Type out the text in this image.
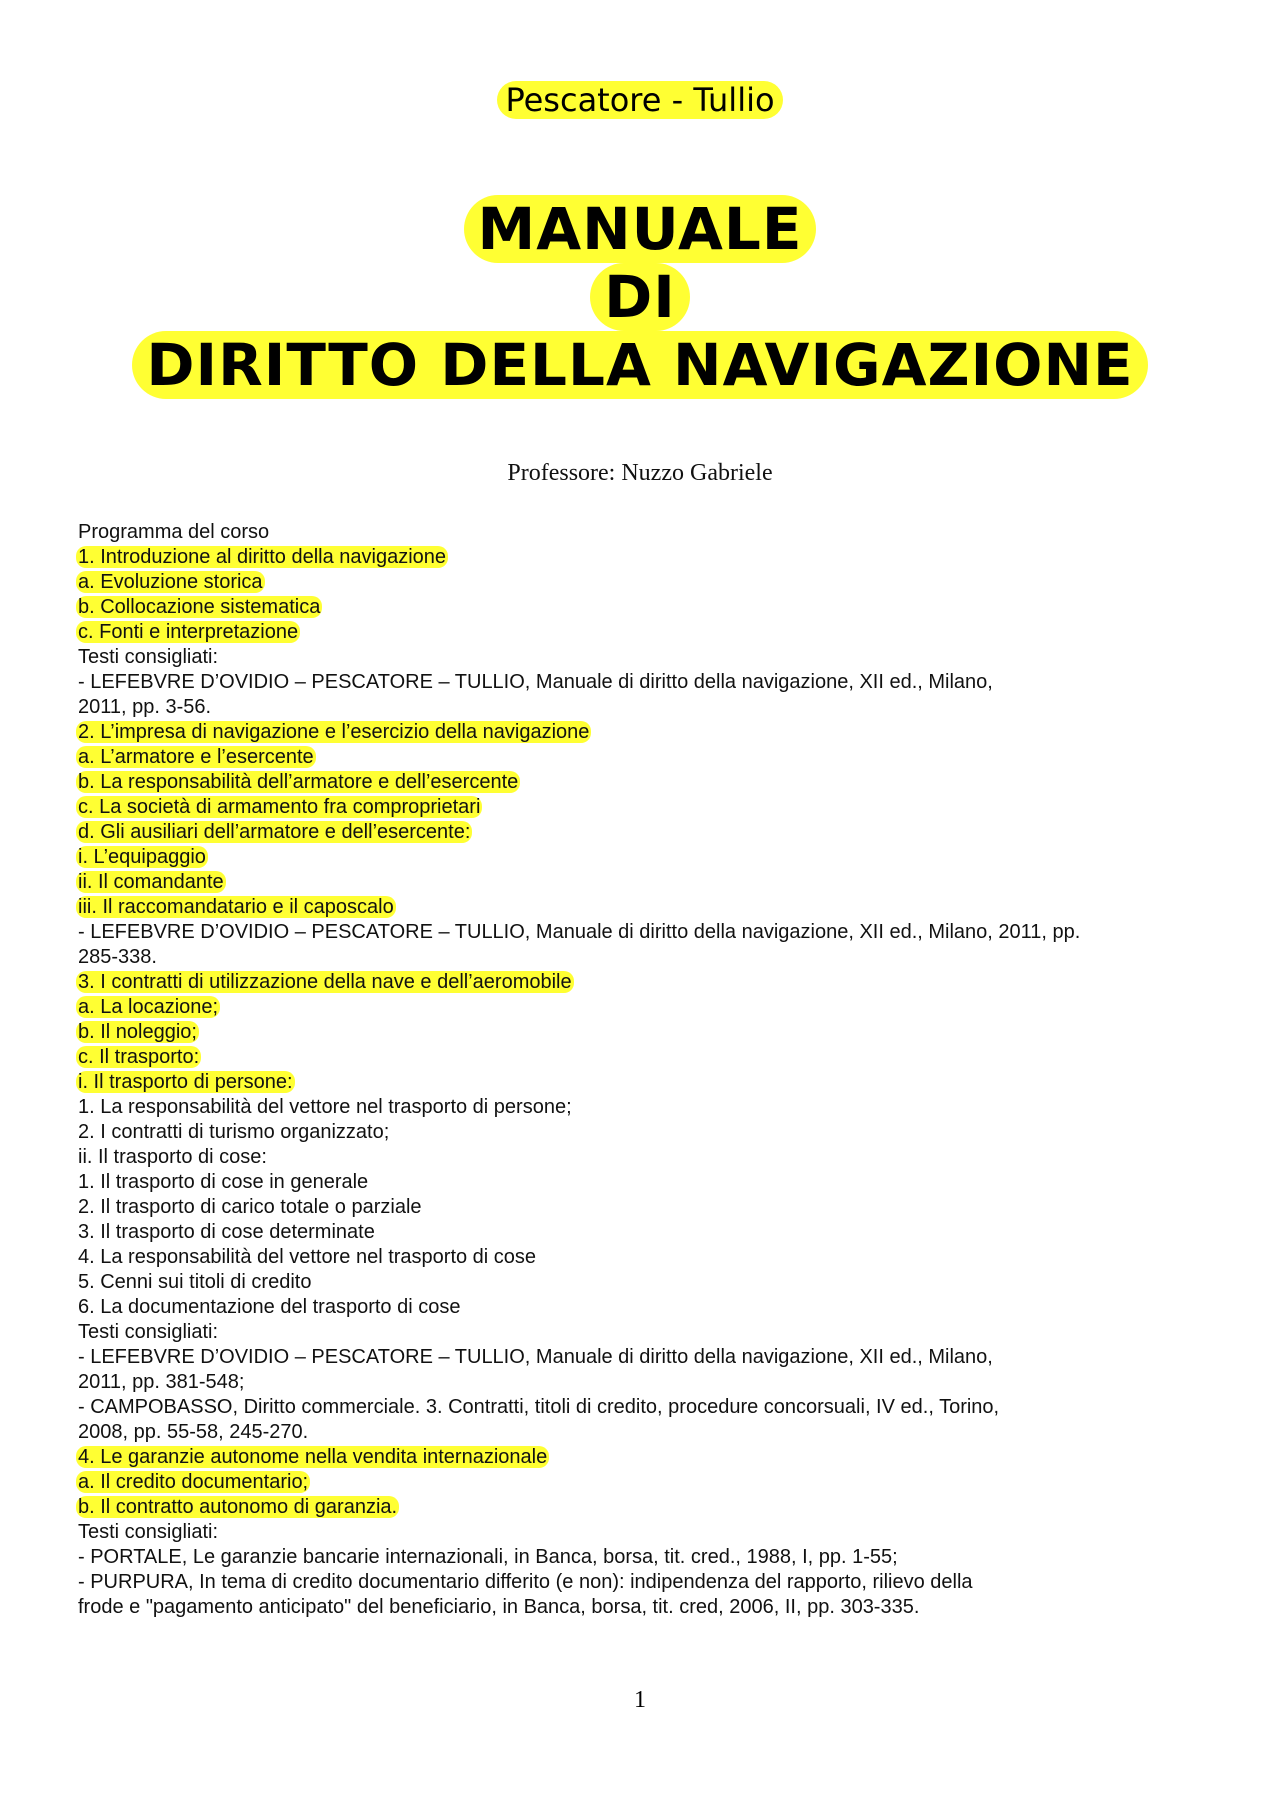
Pescatore - Tullio
MANUALE
DI
DIRITTO DELLA NAVIGAZIONE
Professore: Nuzzo Gabriele
Programma del corso
1. Introduzione al diritto della navigazione
a. Evoluzione storica
b. Collocazione sistematica
c. Fonti e interpretazione
Testi consigliati:
- LEFEBVRE D’OVIDIO – PESCATORE – TULLIO, Manuale di diritto della navigazione, XII ed., Milano,
2011, pp. 3-56.
2. L’impresa di navigazione e l’esercizio della navigazione
a. L’armatore e l’esercente
b. La responsabilità dell’armatore e dell’esercente
c. La società di armamento fra comproprietari
d. Gli ausiliari dell’armatore e dell’esercente:
i. L’equipaggio
ii. Il comandante
iii. Il raccomandatario e il caposcalo
- LEFEBVRE D’OVIDIO – PESCATORE – TULLIO, Manuale di diritto della navigazione, XII ed., Milano, 2011, pp.
285-338.
3. I contratti di utilizzazione della nave e dell’aeromobile
a. La locazione;
b. Il noleggio;
c. Il trasporto:
i. Il trasporto di persone:
1. La responsabilità del vettore nel trasporto di persone;
2. I contratti di turismo organizzato;
ii. Il trasporto di cose:
1. Il trasporto di cose in generale
2. Il trasporto di carico totale o parziale
3. Il trasporto di cose determinate
4. La responsabilità del vettore nel trasporto di cose
5. Cenni sui titoli di credito
6. La documentazione del trasporto di cose
Testi consigliati:
- LEFEBVRE D’OVIDIO – PESCATORE – TULLIO, Manuale di diritto della navigazione, XII ed., Milano,
2011, pp. 381-548;
- CAMPOBASSO, Diritto commerciale. 3. Contratti, titoli di credito, procedure concorsuali, IV ed., Torino,
2008, pp. 55-58, 245-270.
4. Le garanzie autonome nella vendita internazionale
a. Il credito documentario;
b. Il contratto autonomo di garanzia.
Testi consigliati:
- PORTALE, Le garanzie bancarie internazionali, in Banca, borsa, tit. cred., 1988, I, pp. 1-55;
- PURPURA, In tema di credito documentario differito (e non): indipendenza del rapporto, rilievo della
frode e "pagamento anticipato" del beneficiario, in Banca, borsa, tit. cred, 2006, II, pp. 303-335.
1
